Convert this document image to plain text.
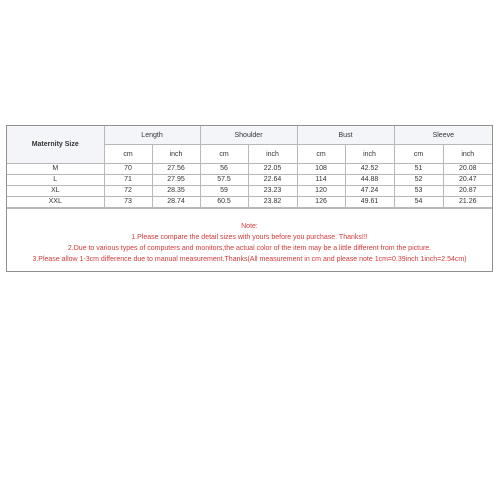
Maternity Size	Length		Shoulder		Bust		Sleeve	
	cm	inch	cm	inch	cm	inch	cm	inch
M	70	27.56	56	22.05	108	42.52	51	20.08
L	71	27.95	57.5	22.64	114	44.88	52	20.47
XL	72	28.35	59	23.23	120	47.24	53	20.87
XXL	73	28.74	60.5	23.82	126	49.61	54	21.26
Note:
1.Please compare the detail sizes with yours before you purchase. Thanks!!!
2.Due to various types of computers and monitors,the actual color of the item may be a little different from the picture.
3.Please allow 1-3cm difference due to manual measurement.Thanks(All measurement in cm and please note 1cm=0.39inch 1inch=2.54cm)
